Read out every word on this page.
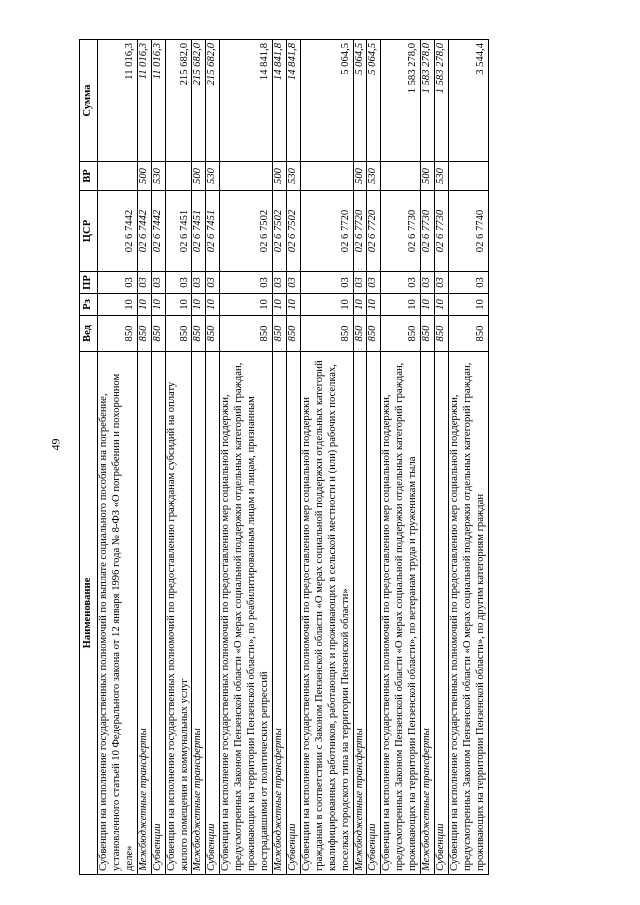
49
Наименование	Вед	Рз	ПР	ЦСР	ВР	Сумма
Субвенции на исполнение государственных полномочий по выплате социального пособия на погребение, установленного статьей 10 Федерального закона от 12 января 1996 года № 8-ФЗ «О погребении и похоронном деле»	850	10	03	02 6 7442		11 016,3
Межбюджетные трансферты	850	10	03	02 6 7442	500	11 016,3
Субвенции	850	10	03	02 6 7442	530	11 016,3
Субвенции на исполнение государственных полномочий по предоставлению гражданам субсидий на оплату жилого помещения и коммунальных услуг	850	10	03	02 6 7451		215 682,0
Межбюджетные трансферты	850	10	03	02 6 7451	500	215 682,0
Субвенции	850	10	03	02 6 7451	530	215 682,0
Субвенции на исполнение государственных полномочий по предоставлению мер социальной поддержки, предусмотренных Законом Пензенской области «О мерах социальной поддержки отдельных категорий граждан, проживающих на территории Пензенской области», по реабилитированным лицам и лицам, признанным пострадавшими от политических репрессий	850	10	03	02 6 7502		14 841,8
Межбюджетные трансферты	850	10	03	02 6 7502	500	14 841,8
Субвенции	850	10	03	02 6 7502	530	14 841,8
Субвенции на исполнение государственных полномочий по предоставлению мер социальной поддержки гражданам в соответствии с Законом Пензенской области «О мерах социальной поддержки отдельных категорий квалифицированных работников, работающих и проживающих в сельской местности и (или) рабочих поселках, поселках городского типа на территории Пензенской области»	850	10	03	02 6 7720		5 064,5
Межбюджетные трансферты	850	10	03	02 6 7720	500	5 064,5
Субвенции	850	10	03	02 6 7720	530	5 064,5
Субвенции на исполнение государственных полномочий по предоставлению мер социальной поддержки, предусмотренных Законом Пензенской области «О мерах социальной поддержки отдельных категорий граждан, проживающих на территории Пензенской области», по ветеранам труда и труженикам тыла	850	10	03	02 6 7730		1 583 278,0
Межбюджетные трансферты	850	10	03	02 6 7730	500	1 583 278,0
Субвенции	850	10	03	02 6 7730	530	1 583 278,0
Субвенции на исполнение государственных полномочий по предоставлению мер социальной поддержки, предусмотренных Законом Пензенской области «О мерах социальной поддержки отдельных категорий граждан, проживающих на территории Пензенской области», по другим категориям граждан	850	10	03	02 6 7740		3 544,4
